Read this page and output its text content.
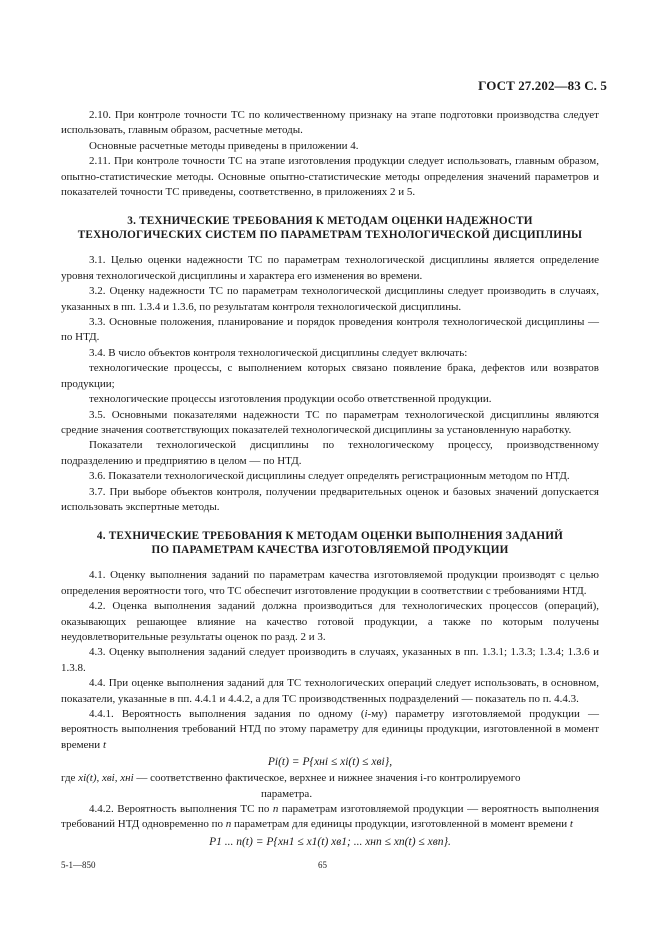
ГОСТ 27.202—83 С. 5

2.10. При контроле точности ТС по количественному признаку на этапе подготовки производства следует использовать, главным образом, расчетные методы.

Основные расчетные методы приведены в приложении 4.

2.11. При контроле точности ТС на этапе изготовления продукции следует использовать, главным образом, опытно-статистические методы. Основные опытно-статистические методы определения значений параметров и показателей точности ТС приведены, соответственно, в приложениях 2 и 5.

3. ТЕХНИЧЕСКИЕ ТРЕБОВАНИЯ К МЕТОДАМ ОЦЕНКИ НАДЕЖНОСТИ
ТЕХНОЛОГИЧЕСКИХ СИСТЕМ ПО ПАРАМЕТРАМ ТЕХНОЛОГИЧЕСКОЙ ДИСЦИПЛИНЫ

3.1. Целью оценки надежности ТС по параметрам технологической дисциплины является определение уровня технологической дисциплины и характера его изменения во времени.

3.2. Оценку надежности ТС по параметрам технологической дисциплины следует производить в случаях, указанных в пп. 1.3.4 и 1.3.6, по результатам контроля технологической дисциплины.

3.3. Основные положения, планирование и порядок проведения контроля технологической дисциплины — по НТД.

3.4. В число объектов контроля технологической дисциплины следует включать:

технологические процессы, с выполнением которых связано появление брака, дефектов или возвратов продукции;

технологические процессы изготовления продукции особо ответственной продукции.

3.5. Основными показателями надежности ТС по параметрам технологической дисциплины являются средние значения соответствующих показателей технологической дисциплины за установленную наработку.

Показатели технологической дисциплины по технологическому процессу, производственному подразделению и предприятию в целом — по НТД.

3.6. Показатели технологической дисциплины следует определять регистрационным методом по НТД.

3.7. При выборе объектов контроля, получении предварительных оценок и базовых значений допускается использовать экспертные методы.

4. ТЕХНИЧЕСКИЕ ТРЕБОВАНИЯ К МЕТОДАМ ОЦЕНКИ ВЫПОЛНЕНИЯ ЗАДАНИЙ
ПО ПАРАМЕТРАМ КАЧЕСТВА ИЗГОТОВЛЯЕМОЙ ПРОДУКЦИИ

4.1. Оценку выполнения заданий по параметрам качества изготовляемой продукции производят с целью определения вероятности того, что ТС обеспечит изготовление продукции в соответствии с требованиями НТД.

4.2. Оценка выполнения заданий должна производиться для технологических процессов (операций), оказывающих решающее влияние на качество готовой продукции, а также по которым получены неудовлетворительные результаты оценок по разд. 2 и 3.

4.3. Оценку выполнения заданий следует производить в случаях, указанных в пп. 1.3.1; 1.3.3; 1.3.4; 1.3.6 и 1.3.8.

4.4. При оценке выполнения заданий для ТС технологических операций следует использовать, в основном, показатели, указанные в пп. 4.4.1 и 4.4.2, а для ТС производственных подразделений — показатель по п. 4.4.3.

4.4.1. Вероятность выполнения задания по одному (i-му) параметру изготовляемой продукции — вероятность выполнения требований НТД по этому параметру для единицы продукции, изготовленной в момент времени t

Pi(t) = P{xнi ≤ xi(t) ≤ xвi},

где xi(t), xвi, xнi — соответственно фактическое, верхнее и нижнее значения i-го контролируемого

параметра.

4.4.2. Вероятность выполнения ТС по n параметрам изготовляемой продукции — вероятность выполнения требований НТД одновременно по n параметрам для единицы продукции, изготовленной в момент времени t

P1 ... n(t) = P{xн1 ≤ x1(t) xв1; ... xнn ≤ xn(t) ≤ xвn}.
5-1—850	65
